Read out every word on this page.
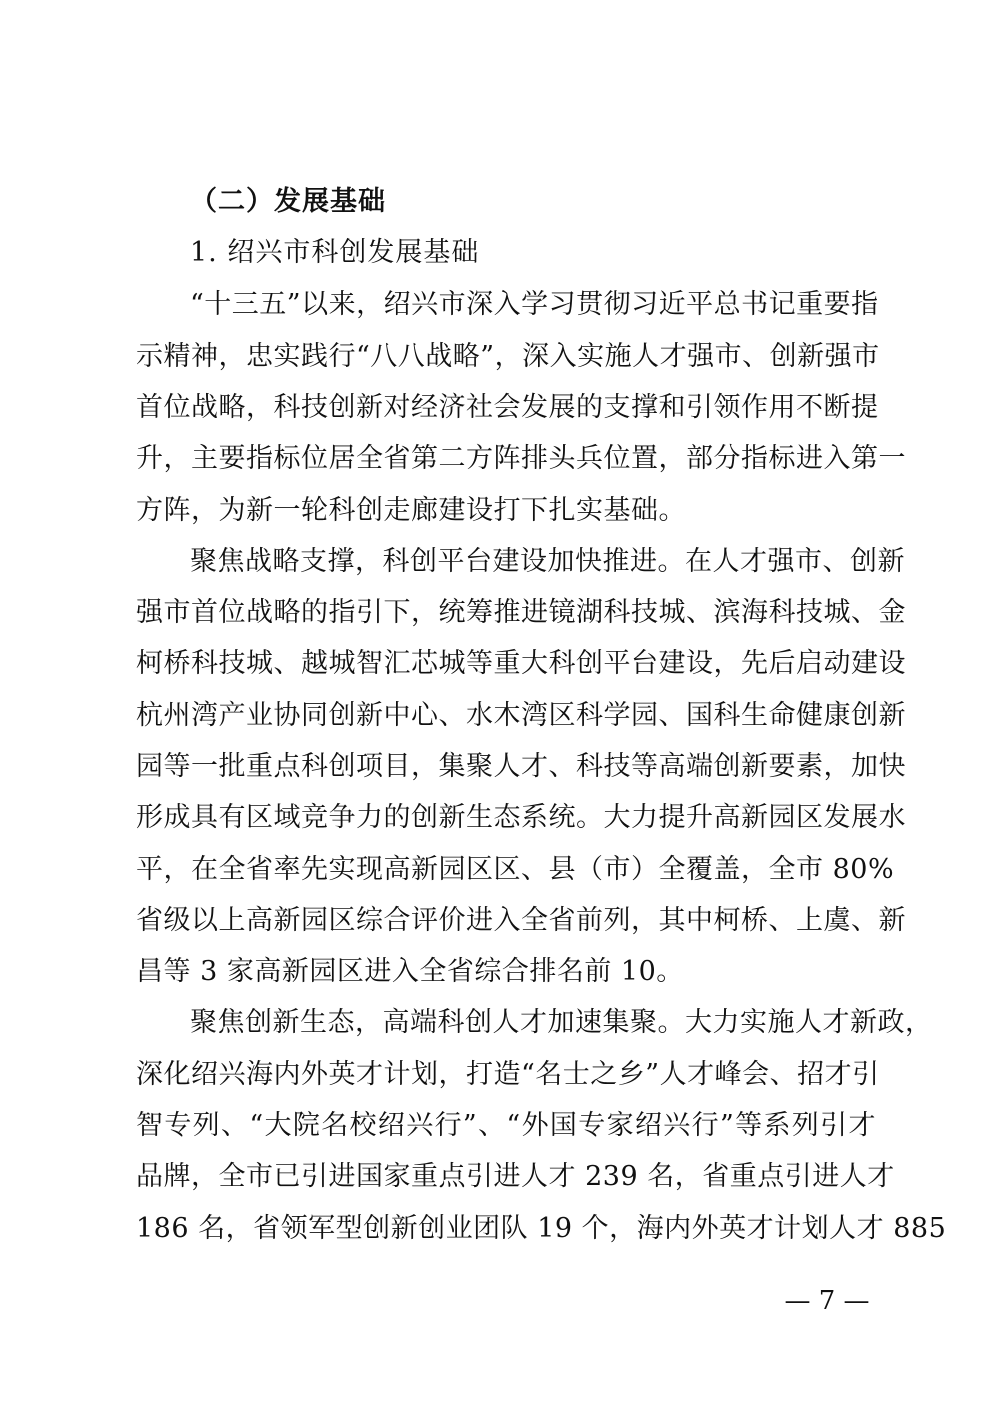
（二）发展基础
1. 绍兴市科创发展基础
“十三五”以来，绍兴市深入学习贯彻习近平总书记重要指
示精神，忠实践行“八八战略”，深入实施人才强市、创新强市
首位战略，科技创新对经济社会发展的支撑和引领作用不断提
升，主要指标位居全省第二方阵排头兵位置，部分指标进入第一
方阵，为新一轮科创走廊建设打下扎实基础。
聚焦战略支撑，科创平台建设加快推进。在人才强市、创新
强市首位战略的指引下，统筹推进镜湖科技城、滨海科技城、金
柯桥科技城、越城智汇芯城等重大科创平台建设，先后启动建设
杭州湾产业协同创新中心、水木湾区科学园、国科生命健康创新
园等一批重点科创项目，集聚人才、科技等高端创新要素，加快
形成具有区域竞争力的创新生态系统。大力提升高新园区发展水
平，在全省率先实现高新园区区、县（市）全覆盖，全市 80%
省级以上高新园区综合评价进入全省前列，其中柯桥、上虞、新
昌等 3 家高新园区进入全省综合排名前 10。
聚焦创新生态，高端科创人才加速集聚。大力实施人才新政，
深化绍兴海内外英才计划，打造“名士之乡”人才峰会、招才引
智专列、“大院名校绍兴行”、“外国专家绍兴行”等系列引才
品牌，全市已引进国家重点引进人才 239 名，省重点引进人才
186 名，省领军型创新创业团队 19 个，海内外英才计划人才 885
— 7 —
